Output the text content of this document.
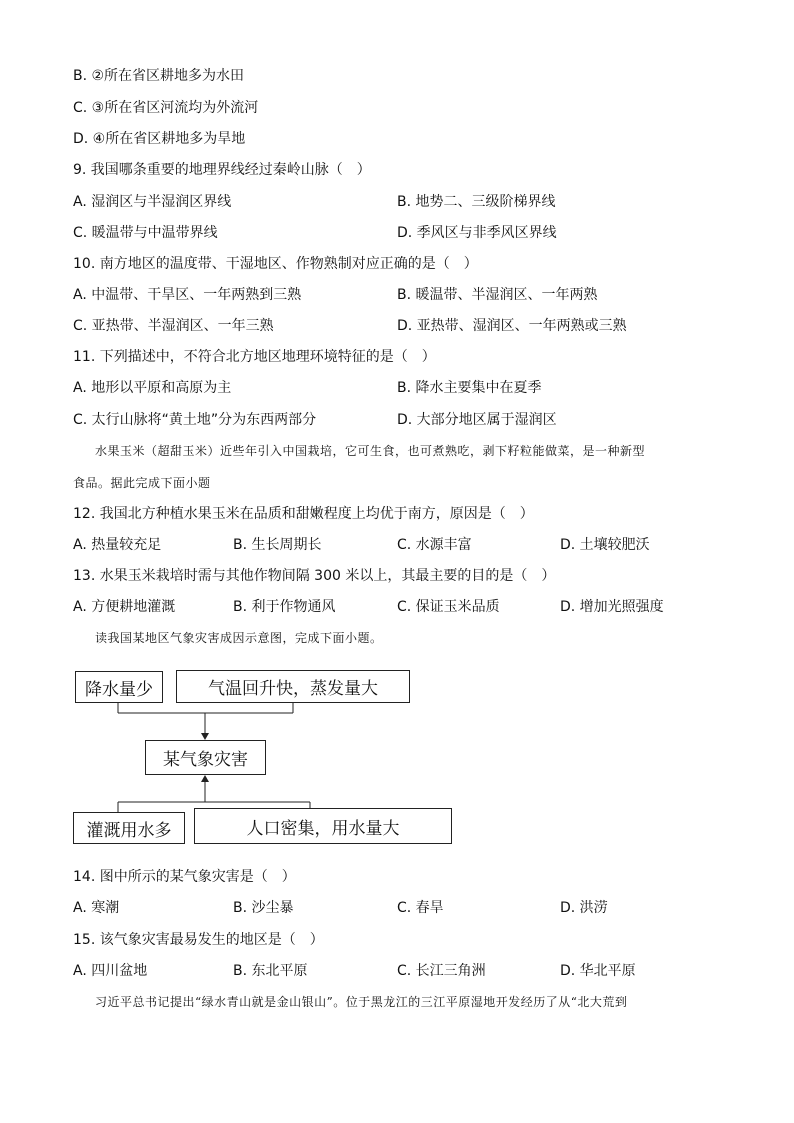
B. ②所在省区耕地多为水田
C. ③所在省区河流均为外流河
D. ④所在省区耕地多为旱地
9. 我国哪条重要的地理界线经过秦岭山脉（　）
A. 湿润区与半湿润区界线	B. 地势二、三级阶梯界线
C. 暖温带与中温带界线	D. 季风区与非季风区界线
10. 南方地区的温度带、干湿地区、作物熟制对应正确的是（　）
A. 中温带、干旱区、一年两熟到三熟	B. 暖温带、半湿润区、一年两熟
C. 亚热带、半湿润区、一年三熟	D. 亚热带、湿润区、一年两熟或三熟
11. 下列描述中，不符合北方地区地理环境特征的是（　）
A. 地形以平原和高原为主	B. 降水主要集中在夏季
C. 太行山脉将“黄土地”分为东西两部分	D. 大部分地区属于湿润区
水果玉米（超甜玉米）近些年引入中国栽培，它可生食，也可煮熟吃，剥下籽粒能做菜，是一种新型
食品。据此完成下面小题
12. 我国北方种植水果玉米在品质和甜嫩程度上均优于南方，原因是（　）
A. 热量较充足	B. 生长周期长	C. 水源丰富	D. 土壤较肥沃
13. 水果玉米栽培时需与其他作物间隔 300 米以上，其最主要的目的是（　）
A. 方便耕地灌溉	B. 利于作物通风	C. 保证玉米品质	D. 增加光照强度
读我国某地区气象灾害成因示意图，完成下面小题。
降水量少	气温回升快，蒸发量大
某气象灾害
灌溉用水多	人口密集，用水量大
14. 图中所示的某气象灾害是（　）
A. 寒潮	B. 沙尘暴	C. 春旱	D. 洪涝
15. 该气象灾害最易发生的地区是（　）
A. 四川盆地	B. 东北平原	C. 长江三角洲	D. 华北平原
习近平总书记提出“绿水青山就是金山银山”。位于黑龙江的三江平原湿地开发经历了从“北大荒到
